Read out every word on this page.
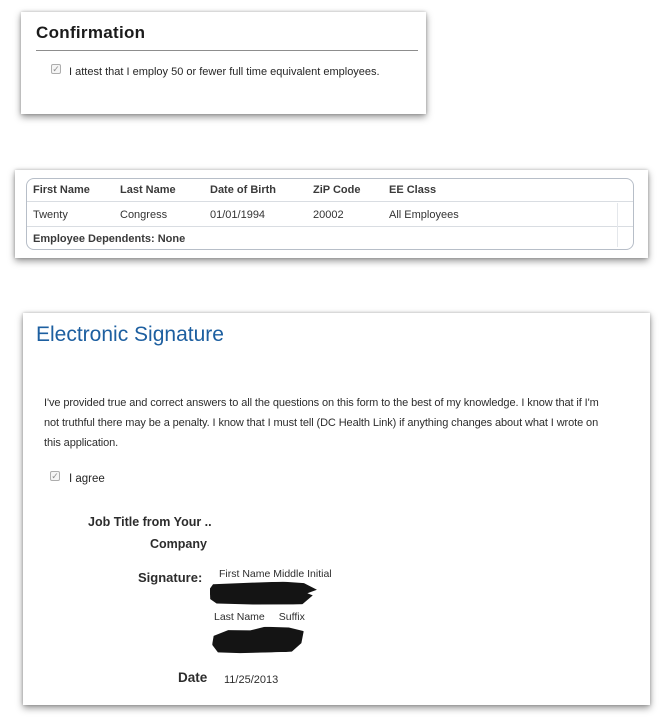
Confirmation
✓ I attest that I employ 50 or fewer full time equivalent employees.
First Name	Last Name	Date of Birth	ZiP Code	EE Class
Twenty	Congress	01/01/1994	20002	All Employees
Employee Dependents: None
Electronic Signature

I've provided true and correct answers to all the questions on this form to the best of my knowledge. I know that if I'm not truthful there may be a penalty. I know that I must tell (DC Health Link) if anything changes about what I wrote on this application.

✓ I agree
Job Title from Your ..
Company
Signature: First Name Middle Initial
Last Name Suffix
Date 11/25/2013
